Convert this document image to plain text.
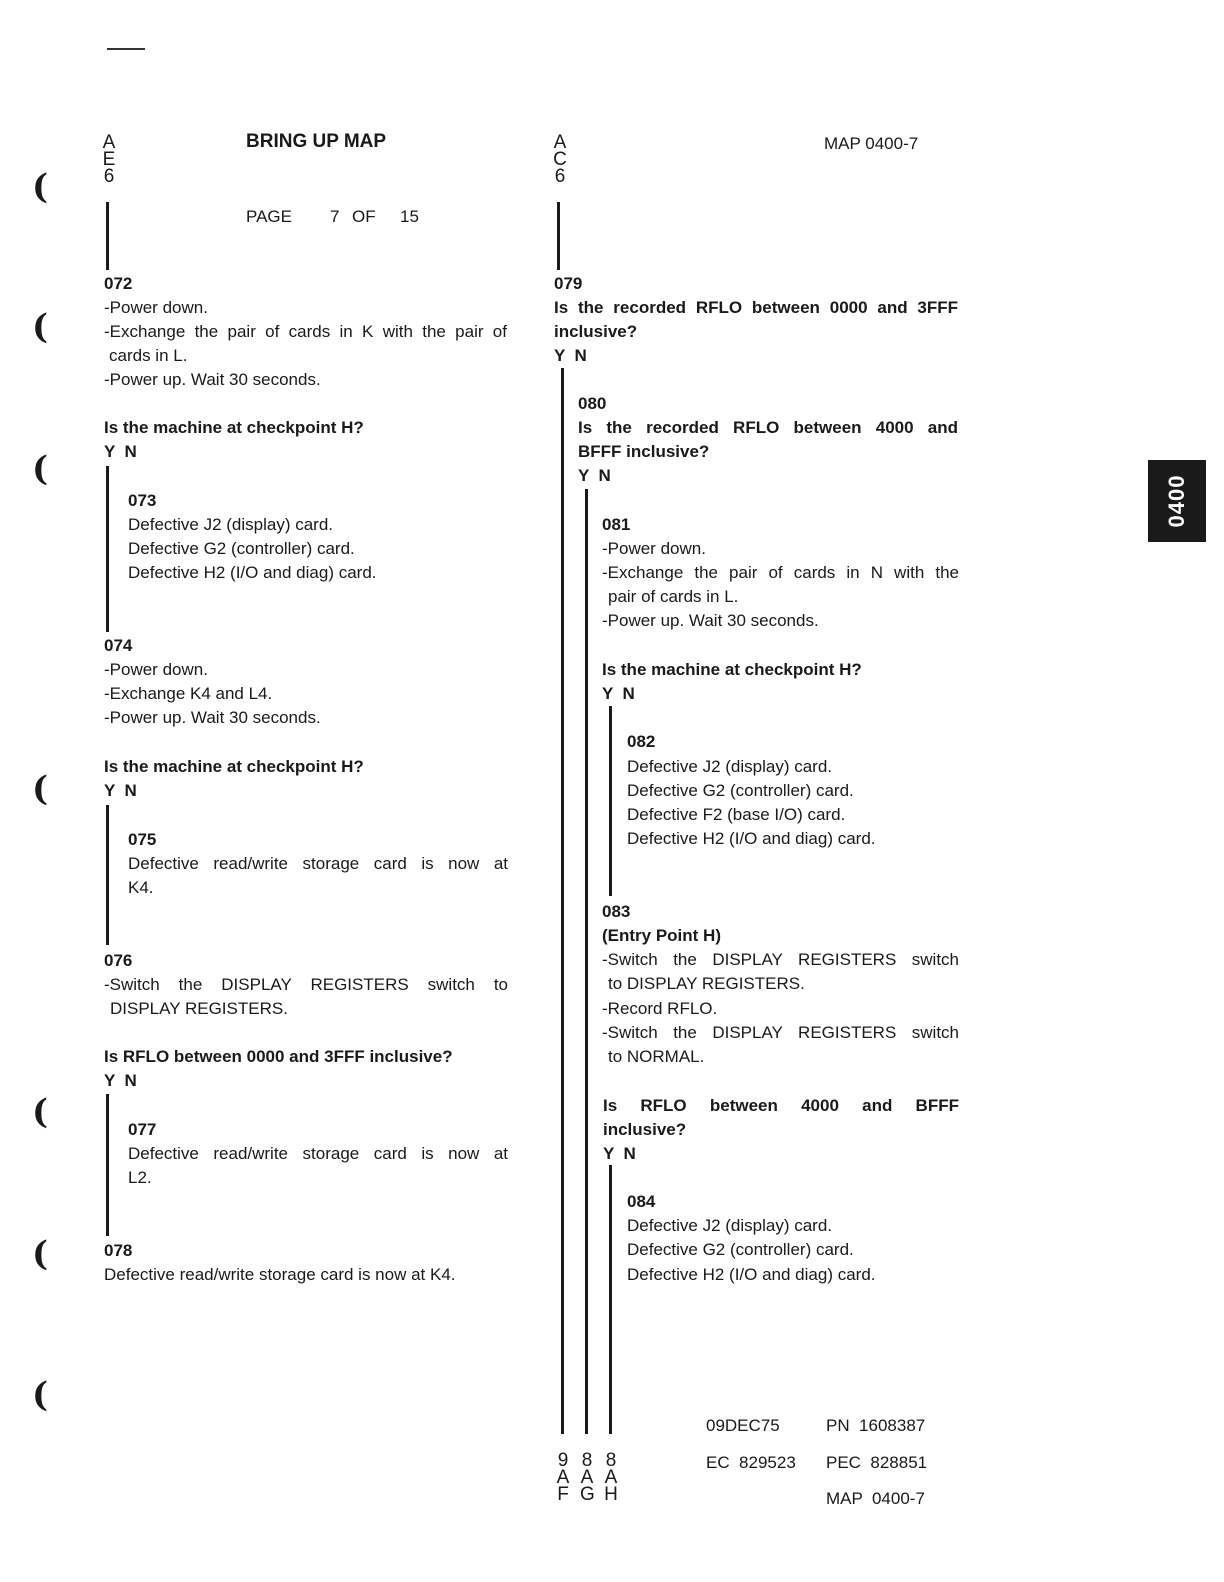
(
(
(
(
(
(
(
A
E
6
BRING UP MAP
PAGE 7 OF 15
A
C
6
MAP 0400-7
0400
072
-Power down.
-Exchange the pair of cards in K with the pair of
cards in L.
-Power up. Wait 30 seconds.
Is the machine at checkpoint H?
Y  N
073
Defective J2 (display) card.
Defective G2 (controller) card.
Defective H2 (I/O and diag) card.
074
-Power down.
-Exchange K4 and L4.
-Power up. Wait 30 seconds.
Is the machine at checkpoint H?
Y  N
075
Defective read/write storage card is now at
K4.
076
-Switch the DISPLAY REGISTERS switch to
DISPLAY REGISTERS.
Is RFLO between 0000 and 3FFF inclusive?
Y  N
077
Defective read/write storage card is now at
L2.
078
Defective read/write storage card is now at K4.
079
Is the recorded RFLO between 0000 and 3FFF
inclusive?
Y  N
080
Is the recorded RFLO between 4000 and
BFFF inclusive?
Y  N
081
-Power down.
-Exchange the pair of cards in N with the
pair of cards in L.
-Power up. Wait 30 seconds.
Is the machine at checkpoint H?
Y  N
082
Defective J2 (display) card.
Defective G2 (controller) card.
Defective F2 (base I/O) card.
Defective H2 (I/O and diag) card.
083
(Entry Point H)
-Switch the DISPLAY REGISTERS switch
to DISPLAY REGISTERS.
-Record RFLO.
-Switch the DISPLAY REGISTERS switch
to NORMAL.
Is RFLO between 4000 and BFFF
inclusive?
Y  N
084
Defective J2 (display) card.
Defective G2 (controller) card.
Defective H2 (I/O and diag) card.
9
A
F
8
A
G
8
A
H
09DEC75	PN  1608387
EC  829523 PEC  828851
MAP  0400-7
